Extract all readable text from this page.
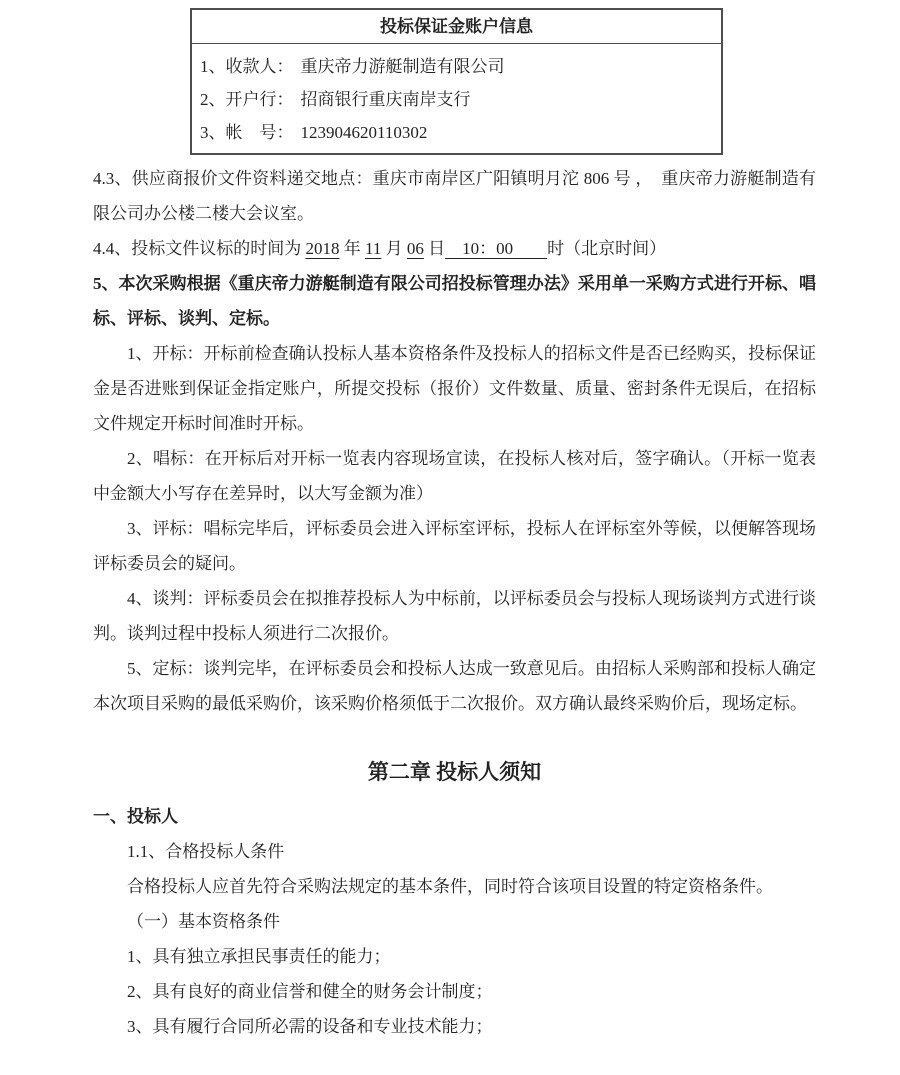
投标保证金账户信息
1、收款人： 重庆帝力游艇制造有限公司
2、开户行： 招商银行重庆南岸支行
3、帐　号： 123904620110302

4.3、供应商报价文件资料递交地点：重庆市南岸区广阳镇明月沱 806 号 ，　重庆帝力游艇制造有限公司办公楼二楼大会议室。

4.4、投标文件议标的时间为 2018 年 11 月 06 日　10：00　　时（北京时间）

5、本次采购根据《重庆帝力游艇制造有限公司招投标管理办法》采用单一采购方式进行开标、唱标、评标、谈判、定标。

1、开标：开标前检查确认投标人基本资格条件及投标人的招标文件是否已经购买，投标保证金是否进账到保证金指定账户，所提交投标（报价）文件数量、质量、密封条件无误后，在招标文件规定开标时间准时开标。

2、唱标：在开标后对开标一览表内容现场宣读，在投标人核对后，签字确认。（开标一览表中金额大小写存在差异时，以大写金额为准）

3、评标：唱标完毕后，评标委员会进入评标室评标，投标人在评标室外等候，以便解答现场评标委员会的疑问。

4、谈判：评标委员会在拟推荐投标人为中标前，以评标委员会与投标人现场谈判方式进行谈判。谈判过程中投标人须进行二次报价。

5、定标：谈判完毕，在评标委员会和投标人达成一致意见后。由招标人采购部和投标人确定本次项目采购的最低采购价，该采购价格须低于二次报价。双方确认最终采购价后，现场定标。

第二章 投标人须知

一、投标人

1.1、合格投标人条件

合格投标人应首先符合采购法规定的基本条件，同时符合该项目设置的特定资格条件。

（一）基本资格条件

1、具有独立承担民事责任的能力；

2、具有良好的商业信誉和健全的财务会计制度；

3、具有履行合同所必需的设备和专业技术能力；
